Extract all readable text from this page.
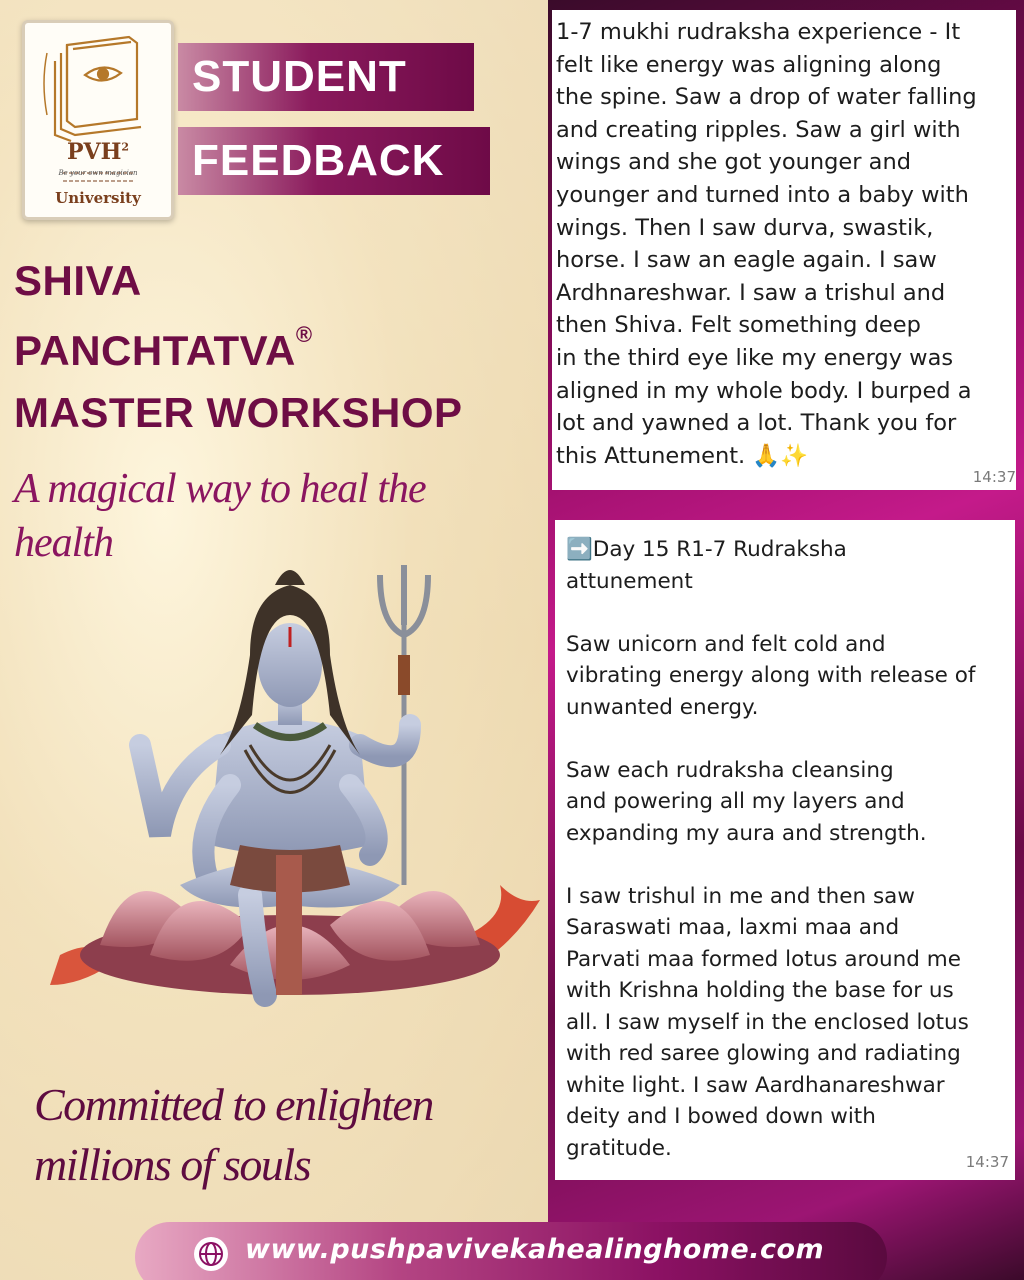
PVH$^2$
Be your own magician
University
STUDENT
FEEDBACK
SHIVA
PANCHTATVA®
MASTER WORKSHOP
A magical way to heal the health
Committed to enlighten millions of souls

1-7 mukhi rudraksha experience - It
felt like energy was aligning along
the spine. Saw a drop of water falling
and creating ripples. Saw a girl with
wings and she got younger and
younger and turned into a baby with
wings. Then I saw durva, swastik,
horse. I saw an eagle again. I saw
Ardhnareshwar. I saw a trishul and
then Shiva. Felt something deep
in the third eye like my energy was
aligned in my whole body. I burped a
lot and yawned a lot. Thank you for
this Attunement. 🙏✨

14:37

➡️Day 15 R1-7 Rudraksha
attunement

Saw unicorn and felt cold and
vibrating energy along with release of
unwanted energy.

Saw each rudraksha cleansing
and powering all my layers and
expanding my aura and strength.

I saw trishul in me and then saw
Saraswati maa, laxmi maa and
Parvati maa formed lotus around me
with Krishna holding the base for us
all. I saw myself in the enclosed lotus
with red saree glowing and radiating
white light. I saw Aardhanareshwar
deity and I bowed down with
gratitude.

14:37
www.pushpavivekahealinghome.com
